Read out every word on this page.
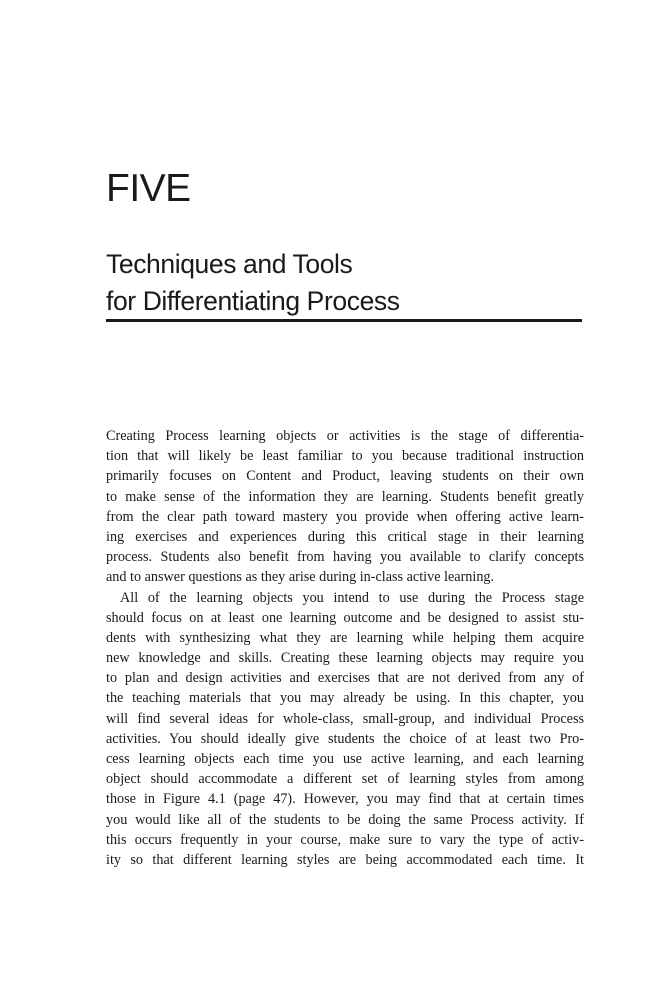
FIVE
Techniques and Tools
for Differentiating Process
Creating Process learning objects or activities is the stage of differentia-
tion that will likely be least familiar to you because traditional instruction
primarily focuses on Content and Product, leaving students on their own
to make sense of the information they are learning. Students benefit greatly
from the clear path toward mastery you provide when offering active learn-
ing exercises and experiences during this critical stage in their learning
process. Students also benefit from having you available to clarify concepts
and to answer questions as they arise during in-class active learning.
All of the learning objects you intend to use during the Process stage
should focus on at least one learning outcome and be designed to assist stu-
dents with synthesizing what they are learning while helping them acquire
new knowledge and skills. Creating these learning objects may require you
to plan and design activities and exercises that are not derived from any of
the teaching materials that you may already be using. In this chapter, you
will find several ideas for whole-class, small-group, and individual Process
activities. You should ideally give students the choice of at least two Pro-
cess learning objects each time you use active learning, and each learning
object should accommodate a different set of learning styles from among
those in Figure 4.1 (page 47). However, you may find that at certain times
you would like all of the students to be doing the same Process activity. If
this occurs frequently in your course, make sure to vary the type of activ-
ity so that different learning styles are being accommodated each time. It
